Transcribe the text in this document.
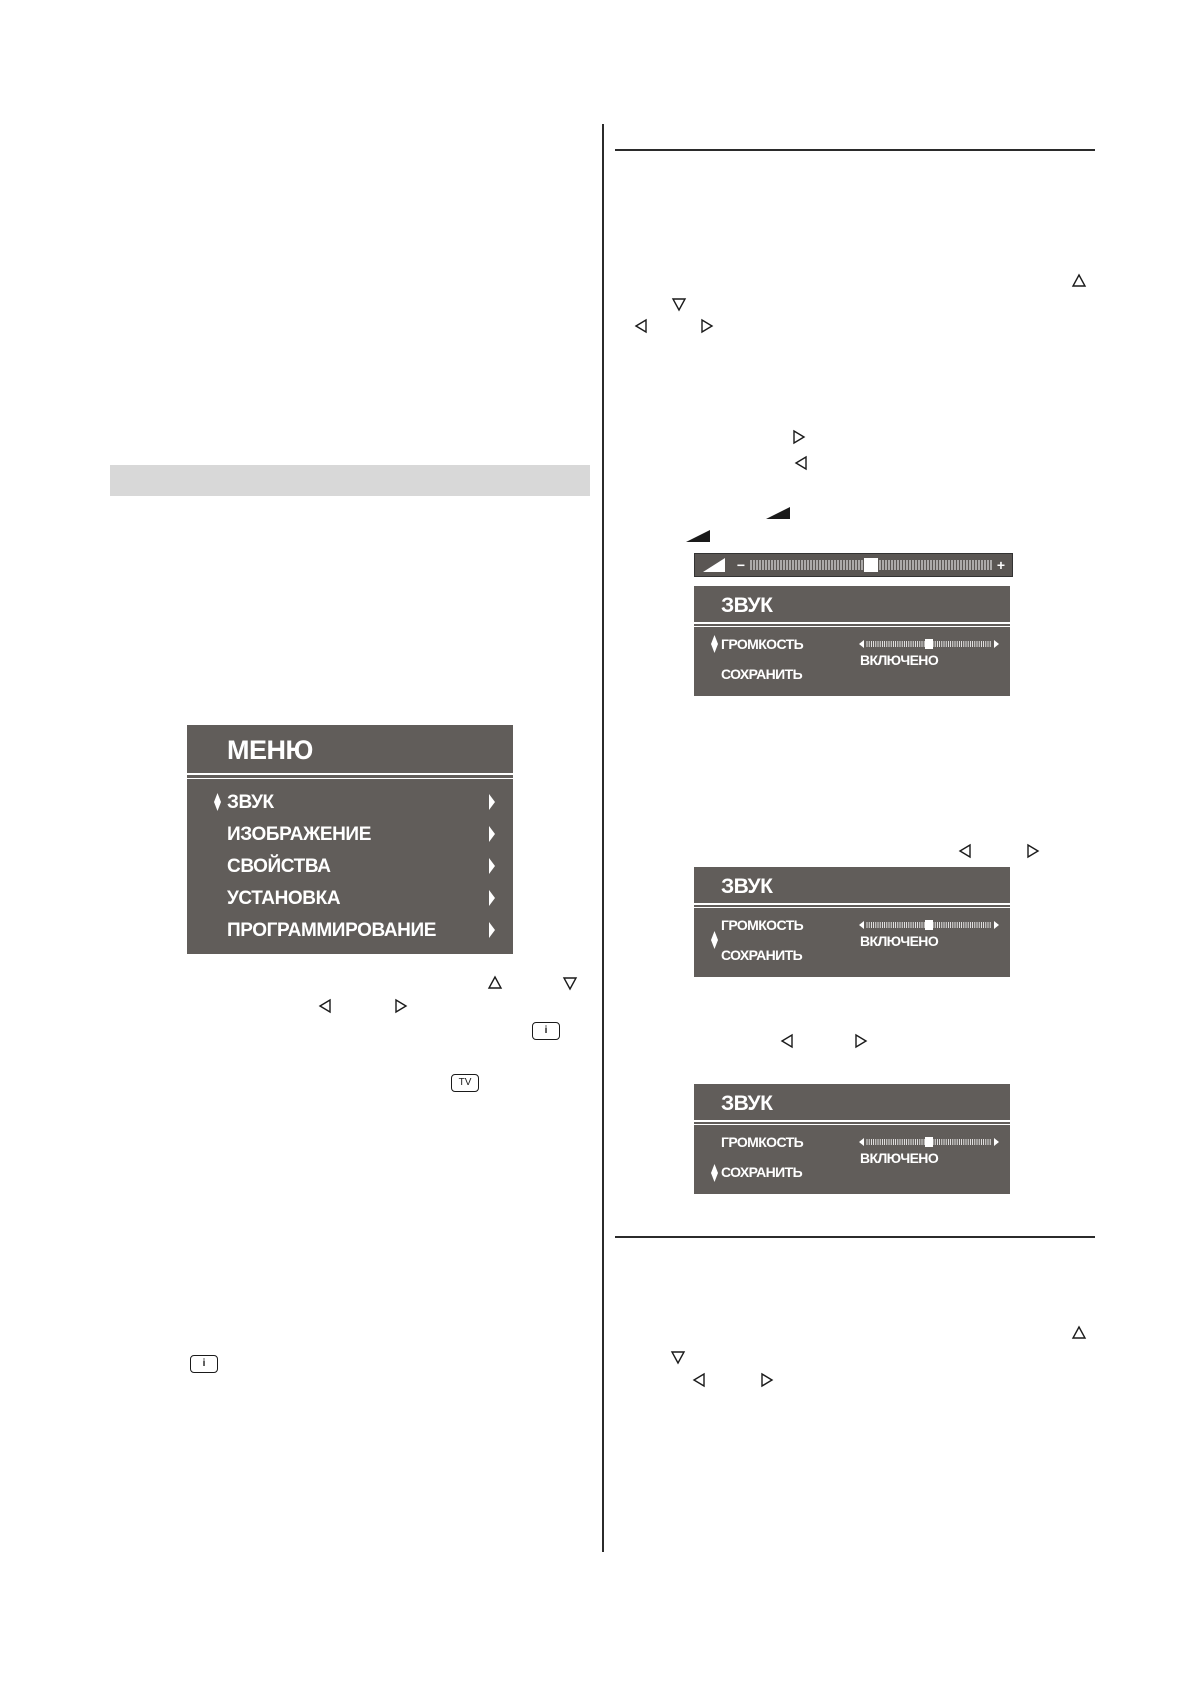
МЕНЮ
ЗВУК
ИЗОБРАЖЕНИЕ
СВОЙСТВА
УСТАНОВКА
ПРОГРАММИРОВАНИЕ
i
TV
i
−	+
ЗВУК
ГРОМКОСТЬ
ВКЛЮЧЕНО
СОХРАНИТЬ
ЗВУК
ГРОМКОСТЬ
ВКЛЮЧЕНО
СОХРАНИТЬ
ЗВУК
ГРОМКОСТЬ
ВКЛЮЧЕНО
СОХРАНИТЬ
